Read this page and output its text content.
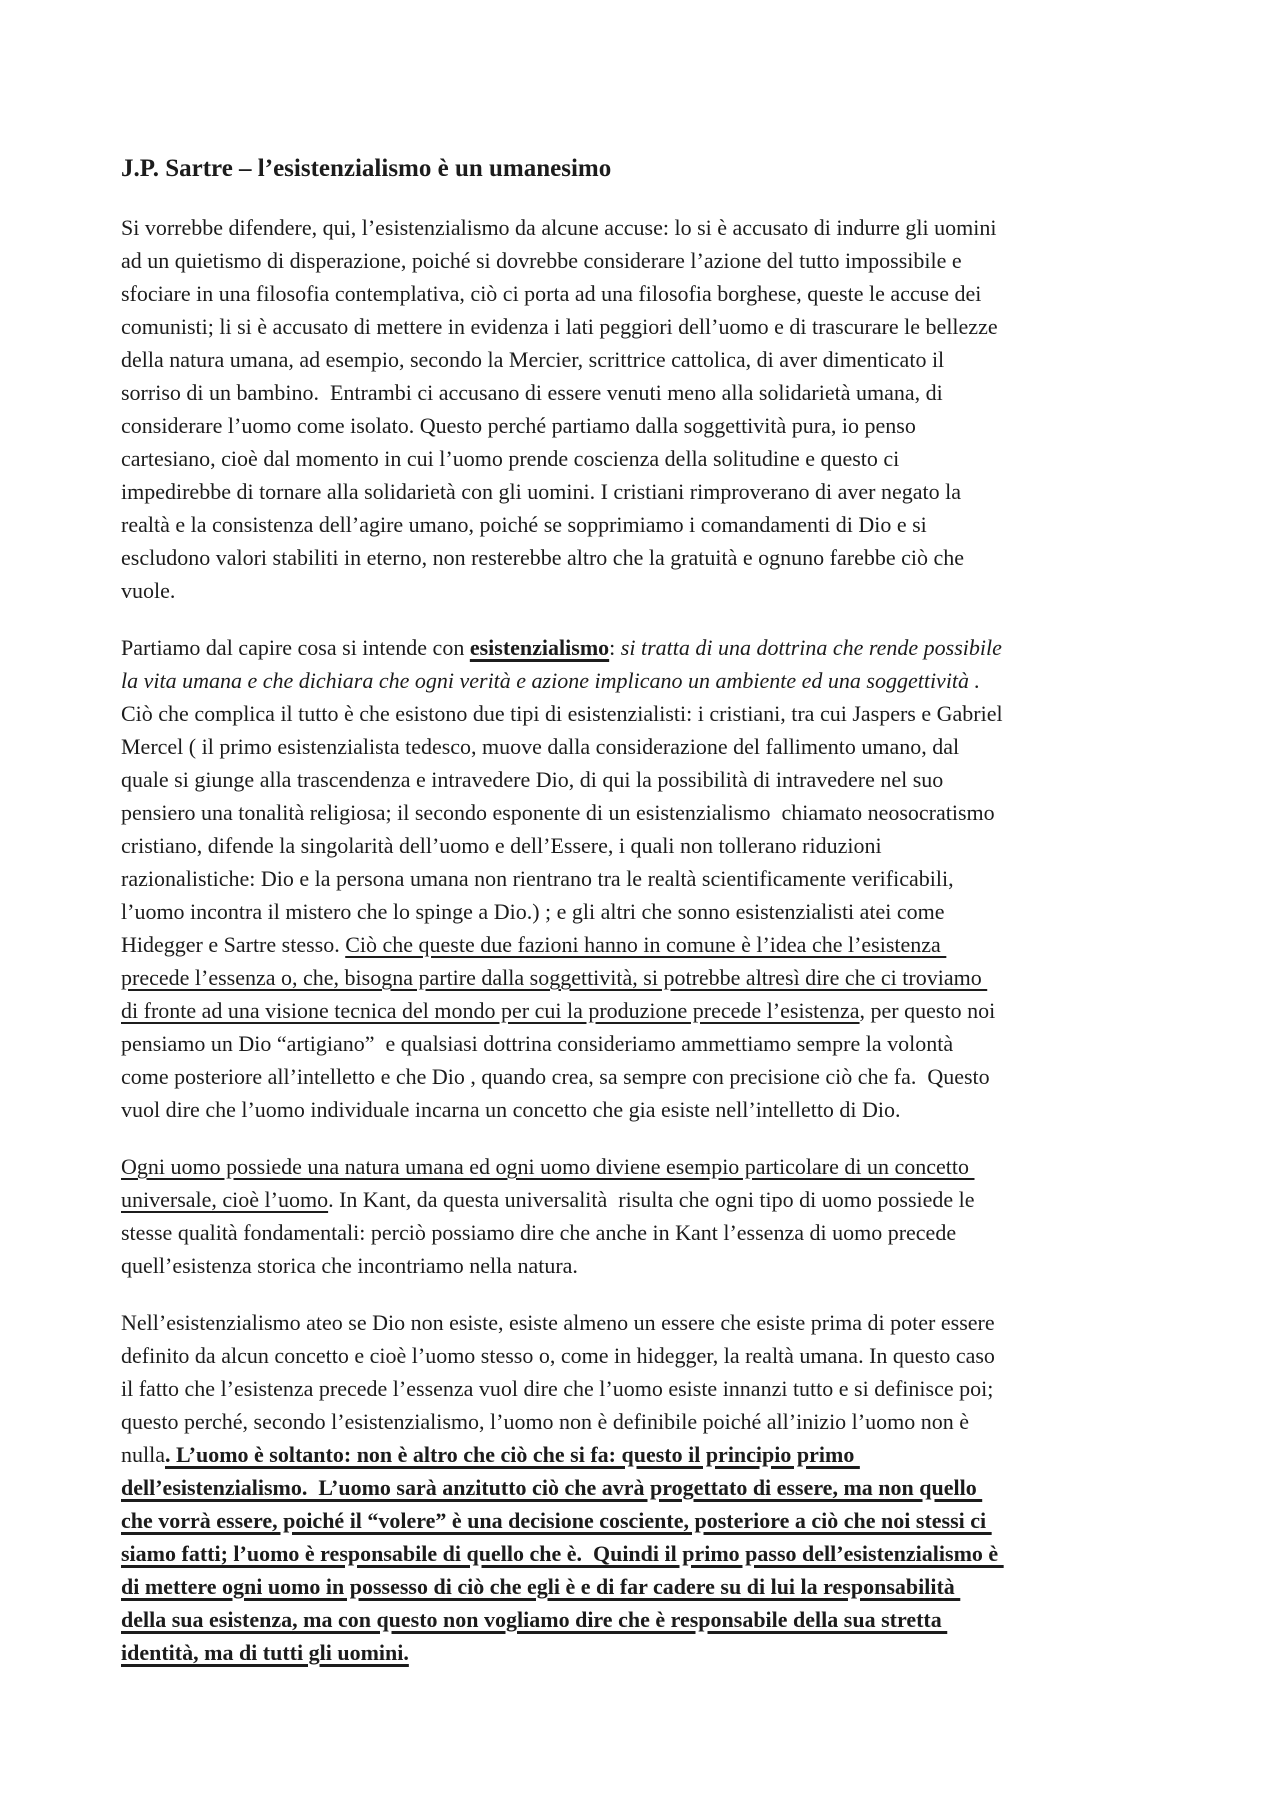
J.P. Sartre – l’esistenzialismo è un umanesimo
Si vorrebbe difendere, qui, l’esistenzialismo da alcune accuse: lo si è accusato di indurre gli uomini
ad un quietismo di disperazione, poiché si dovrebbe considerare l’azione del tutto impossibile e
sfociare in una filosofia contemplativa, ciò ci porta ad una filosofia borghese, queste le accuse dei
comunisti; li si è accusato di mettere in evidenza i lati peggiori dell’uomo e di trascurare le bellezze
della natura umana, ad esempio, secondo la Mercier, scrittrice cattolica, di aver dimenticato il
sorriso di un bambino.  Entrambi ci accusano di essere venuti meno alla solidarietà umana, di
considerare l’uomo come isolato. Questo perché partiamo dalla soggettività pura, io penso
cartesiano, cioè dal momento in cui l’uomo prende coscienza della solitudine e questo ci
impedirebbe di tornare alla solidarietà con gli uomini. I cristiani rimproverano di aver negato la
realtà e la consistenza dell’agire umano, poiché se sopprimiamo i comandamenti di Dio e si
escludono valori stabiliti in eterno, non resterebbe altro che la gratuità e ognuno farebbe ciò che
vuole.
Partiamo dal capire cosa si intende con esistenzialismo: si tratta di una dottrina che rende possibile
la vita umana e che dichiara che ogni verità e azione implicano un ambiente ed una soggettività .
Ciò che complica il tutto è che esistono due tipi di esistenzialisti: i cristiani, tra cui Jaspers e Gabriel
Mercel ( il primo esistenzialista tedesco, muove dalla considerazione del fallimento umano, dal
quale si giunge alla trascendenza e intravedere Dio, di qui la possibilità di intravedere nel suo
pensiero una tonalità religiosa; il secondo esponente di un esistenzialismo  chiamato neosocratismo
cristiano, difende la singolarità dell’uomo e dell’Essere, i quali non tollerano riduzioni
razionalistiche: Dio e la persona umana non rientrano tra le realtà scientificamente verificabili,
l’uomo incontra il mistero che lo spinge a Dio.) ; e gli altri che sonno esistenzialisti atei come
Hidegger e Sartre stesso. Ciò che queste due fazioni hanno in comune è l’idea che l’esistenza
precede l’essenza o, che, bisogna partire dalla soggettività, si potrebbe altresì dire che ci troviamo
di fronte ad una visione tecnica del mondo per cui la produzione precede l’esistenza, per questo noi
pensiamo un Dio “artigiano”  e qualsiasi dottrina consideriamo ammettiamo sempre la volontà
come posteriore all’intelletto e che Dio , quando crea, sa sempre con precisione ciò che fa.  Questo
vuol dire che l’uomo individuale incarna un concetto che gia esiste nell’intelletto di Dio.
Ogni uomo possiede una natura umana ed ogni uomo diviene esempio particolare di un concetto
universale, cioè l’uomo. In Kant, da questa universalità  risulta che ogni tipo di uomo possiede le
stesse qualità fondamentali: perciò possiamo dire che anche in Kant l’essenza di uomo precede
quell’esistenza storica che incontriamo nella natura.
Nell’esistenzialismo ateo se Dio non esiste, esiste almeno un essere che esiste prima di poter essere
definito da alcun concetto e cioè l’uomo stesso o, come in hidegger, la realtà umana. In questo caso
il fatto che l’esistenza precede l’essenza vuol dire che l’uomo esiste innanzi tutto e si definisce poi;
questo perché, secondo l’esistenzialismo, l’uomo non è definibile poiché all’inizio l’uomo non è
nulla. L’uomo è soltanto: non è altro che ciò che si fa: questo il principio primo
dell’esistenzialismo.  L’uomo sarà anzitutto ciò che avrà progettato di essere, ma non quello
che vorrà essere, poiché il “volere” è una decisione cosciente, posteriore a ciò che noi stessi ci
siamo fatti; l’uomo è responsabile di quello che è.  Quindi il primo passo dell’esistenzialismo è
di mettere ogni uomo in possesso di ciò che egli è e di far cadere su di lui la responsabilità
della sua esistenza, ma con questo non vogliamo dire che è responsabile della sua stretta
identità, ma di tutti gli uomini.
